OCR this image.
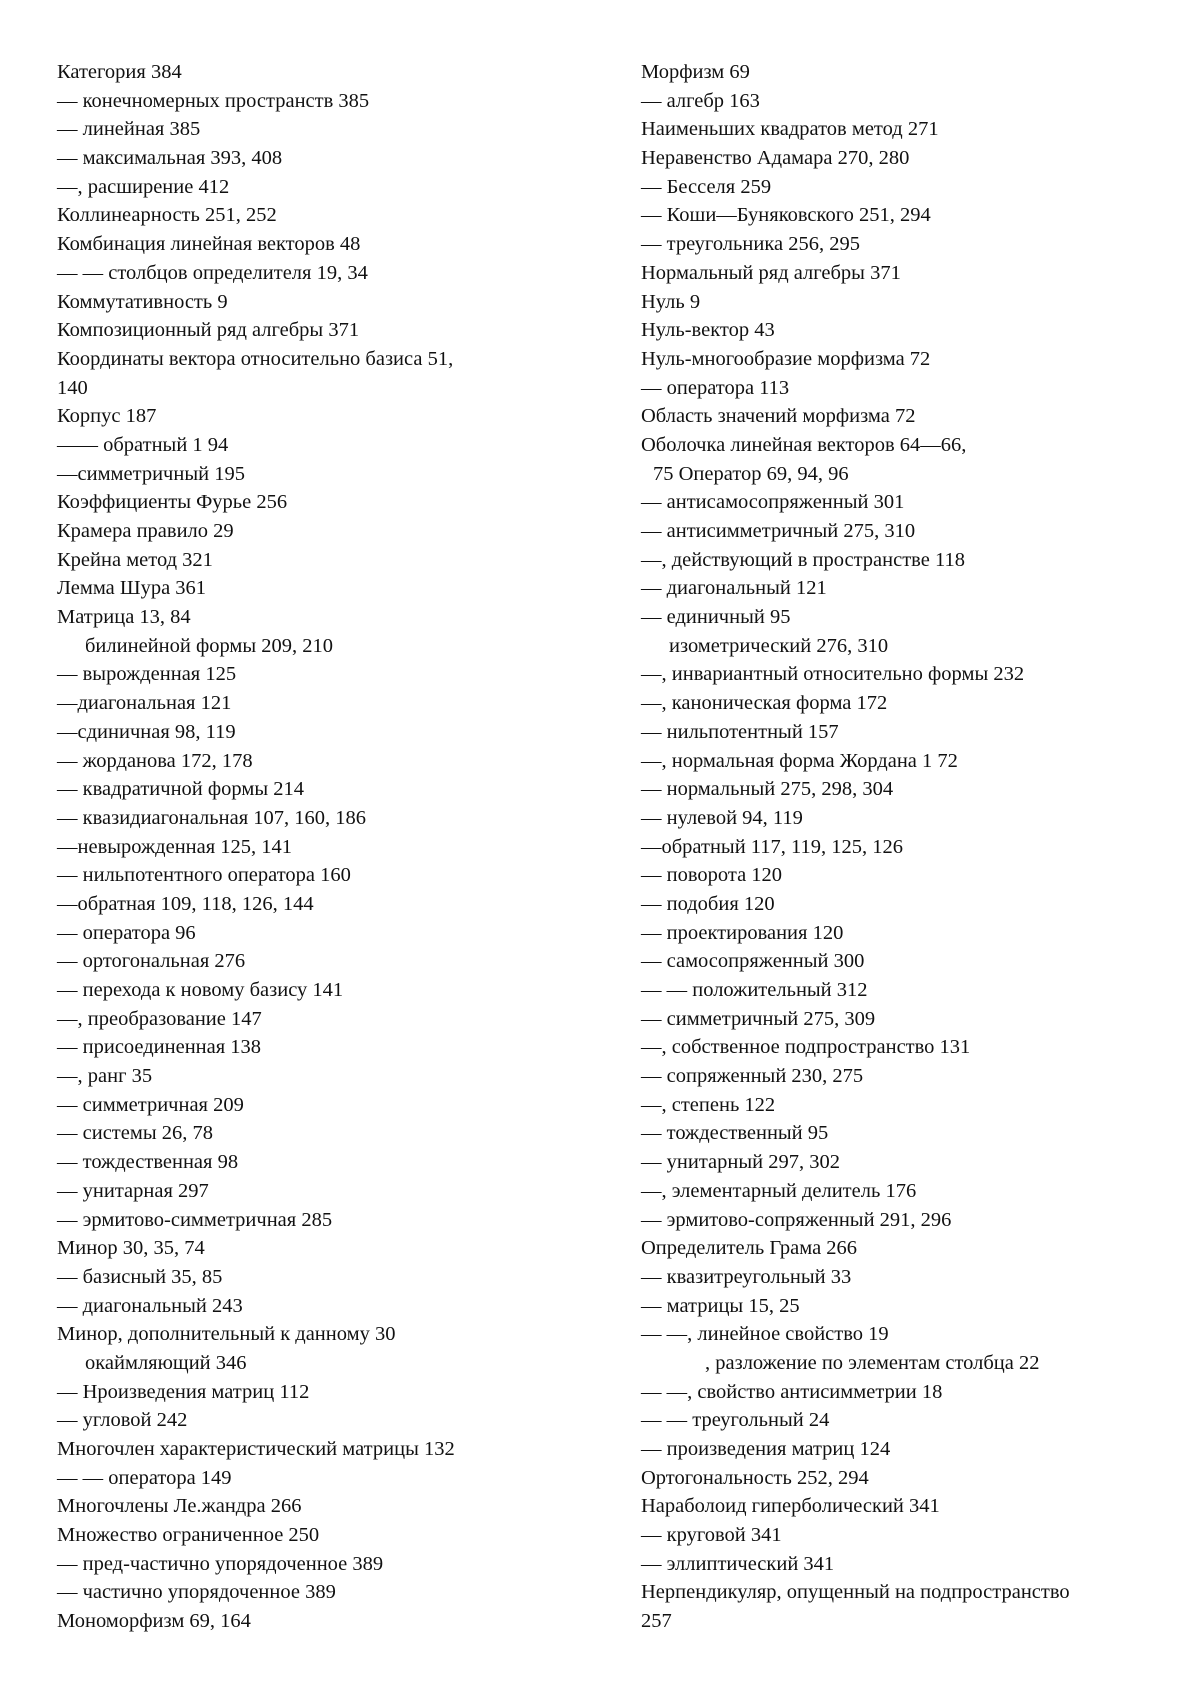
Категория 384
— конечномерных пространств 385
— линейная 385
— максимальная 393, 408
—, расширение 412
Коллинеарность 251, 252
Комбинация линейная векторов 48
— — столбцов определителя 19, 34
Коммутативность 9
Композиционный ряд алгебры 371
Координаты вектора относительно базиса 51,
140
Корпус 187
—— обратный 1 94
—симметричный 195
Коэффициенты Фурье 256
Крамера правило 29
Крейна метод 321
Лемма Шура 361
Матрица 13, 84
билинейной формы 209, 210
— вырожденная 125
—диагональная 121
—сдиничная 98, 119
— жорданова 172, 178
— квадратичной формы 214
— квазидиагональная 107, 160, 186
—невырожденная 125, 141
— нильпотентного оператора 160
—обратная 109, 118, 126, 144
— оператора 96
— ортогональная 276
— перехода к новому базису 141
—, преобразование 147
— присоединенная 138
—, ранг 35
— симметричная 209
— системы 26, 78
— тождественная 98
— унитарная 297
— эрмитово-симметричная 285
Минор 30, 35, 74
— базисный 35, 85
— диагональный 243
Минор, дополнительный к данному 30
окаймляющий 346
— Нроизведения матриц 112
— угловой 242
Многочлен характеристический матрицы 132
— — оператора 149
Многочлены Ле.жандра 266
Множество ограниченное 250
— пред-частично упорядоченное 389
— частично упорядоченное 389
Мономорфизм 69, 164
Морфизм 69
— алгебр 163
Наименьших квадратов метод 271
Неравенство Адамара 270, 280
— Бесселя 259
— Коши—Буняковского 251, 294
— треугольника 256, 295
Нормальный ряд алгебры 371
Нуль 9
Нуль-вектор 43
Нуль-многообразие морфизма 72
— оператора 113
Область значений морфизма 72
Оболочка линейная векторов 64—66,
75 Оператор 69, 94, 96
— антисамосопряженный 301
— антисимметричный 275, 310
—, действующий в пространстве 118
— диагональный 121
— единичный 95
изометрический 276, 310
—, инвариантный относительно формы 232
—, каноническая форма 172
— нильпотентный 157
—, нормальная форма Жордана 1 72
— нормальный 275, 298, 304
— нулевой 94, 119
—обратный 117, 119, 125, 126
— поворота 120
— подобия 120
— проектирования 120
— самосопряженный 300
— — положительный 312
— симметричный 275, 309
—, собственное подпространство 131
— сопряженный 230, 275
—, степень 122
— тождественный 95
— унитарный 297, 302
—, элементарный делитель 176
— эрмитово-сопряженный 291, 296
Определитель Грама 266
— квазитреугольный 33
— матрицы 15, 25
— —, линейное свойство 19
, разложение по элементам столбца 22
— —, свойство антисимметрии 18
— — треугольный 24
— произведения матриц 124
Ортогональность 252, 294
Нараболоид гиперболический 341
— круговой 341
— эллиптический 341
Нерпендикуляр, опущенный на подпространство
257
